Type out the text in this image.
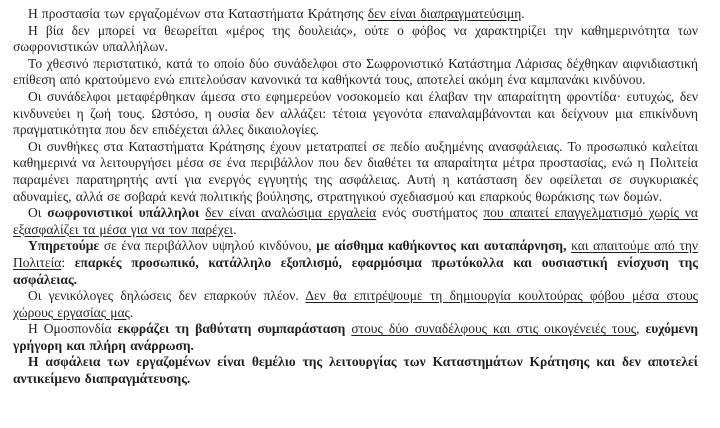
Η προστασία των εργαζομένων στα Καταστήματα Κράτησης δεν είναι διαπραγματεύσιμη.

Η βία δεν μπορεί να θεωρείται «μέρος της δουλειάς», ούτε ο φόβος να χαρακτηρίζει την καθημερινότητα των σωφρονιστικών υπαλλήλων.

Το χθεσινό περιστατικό, κατά το οποίο δύο συνάδελφοι στο Σωφρονιστικό Κατάστημα Λάρισας δέχθηκαν αιφνιδιαστική επίθεση από κρατούμενο ενώ επιτελούσαν κανονικά τα καθήκοντά τους, αποτελεί ακόμη ένα καμπανάκι κινδύνου.

Οι συνάδελφοι μεταφέρθηκαν άμεσα στο εφημερεύον νοσοκομείο και έλαβαν την απαραίτητη φροντίδα· ευτυχώς, δεν κινδυνεύει η ζωή τους. Ωστόσο, η ουσία δεν αλλάζει: τέτοια γεγονότα επαναλαμβάνονται και δείχνουν μια επικίνδυνη πραγματικότητα που δεν επιδέχεται άλλες δικαιολογίες.

Οι συνθήκες στα Καταστήματα Κράτησης έχουν μετατραπεί σε πεδίο αυξημένης ανασφάλειας. Το προσωπικό καλείται καθημερινά να λειτουργήσει μέσα σε ένα περιβάλλον που δεν διαθέτει τα απαραίτητα μέτρα προστασίας, ενώ η Πολιτεία παραμένει παρατηρητής αντί για ενεργός εγγυητής της ασφάλειας. Αυτή η κατάσταση δεν οφείλεται σε συγκυριακές αδυναμίες, αλλά σε σοβαρά κενά πολιτικής βούλησης, στρατηγικού σχεδιασμού και επαρκούς θωράκισης των δομών.

Οι σωφρονιστικοί υπάλληλοι δεν είναι αναλώσιμα εργαλεία ενός συστήματος που απαιτεί επαγγελματισμό χωρίς να εξασφαλίζει τα μέσα για να τον παρέχει.

Υπηρετούμε σε ένα περιβάλλον υψηλού κινδύνου, με αίσθημα καθήκοντος και αυταπάρνηση, και απαιτούμε από την Πολιτεία: επαρκές προσωπικό, κατάλληλο εξοπλισμό, εφαρμόσιμα πρωτόκολλα και ουσιαστική ενίσχυση της ασφάλειας.

Οι γενικόλογες δηλώσεις δεν επαρκούν πλέον. Δεν θα επιτρέψουμε τη δημιουργία κουλτούρας φόβου μέσα στους χώρους εργασίας μας.

Η Ομοσπονδία εκφράζει τη βαθύτατη συμπαράσταση στους δύο συναδέλφους και στις οικογένειές τους, ευχόμενη γρήγορη και πλήρη ανάρρωση.

Η ασφάλεια των εργαζομένων είναι θεμέλιο της λειτουργίας των Καταστημάτων Κράτησης και δεν αποτελεί αντικείμενο διαπραγμάτευσης.
